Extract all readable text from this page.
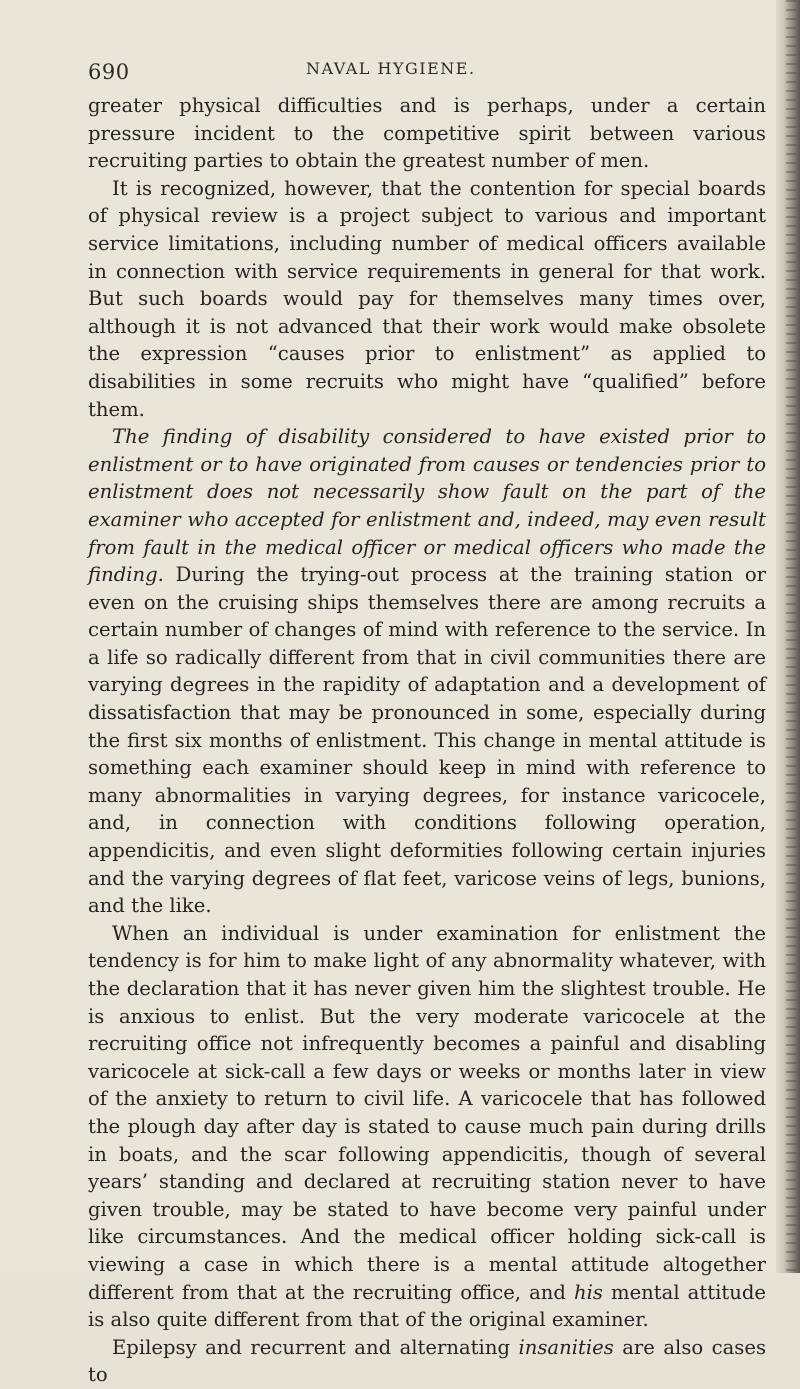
690	NAVAL HYGIENE.

greater physical difficulties and is perhaps, under a certain pressure incident to the competitive spirit between various recruiting parties to obtain the greatest number of men.

It is recognized, however, that the contention for special boards of physical review is a project subject to various and important service limitations, including number of medical officers available in connection with service requirements in general for that work. But such boards would pay for themselves many times over, although it is not advanced that their work would make obsolete the expression “causes prior to enlistment” as applied to disabilities in some recruits who might have “qualified” before them.

The finding of disability considered to have existed prior to enlistment or to have originated from causes or tendencies prior to enlistment does not necessarily show fault on the part of the examiner who accepted for enlistment and, indeed, may even result from fault in the medical officer or medical officers who made the finding. During the trying-out process at the training station or even on the cruising ships themselves there are among recruits a certain number of changes of mind with reference to the service. In a life so radically different from that in civil communities there are varying degrees in the rapidity of adaptation and a development of dissatisfaction that may be pronounced in some, especially during the first six months of enlistment. This change in mental attitude is something each examiner should keep in mind with reference to many abnormalities in varying degrees, for instance varicocele, and, in connection with conditions following operation, appendicitis, and even slight deformities following certain injuries and the varying degrees of flat feet, varicose veins of legs, bunions, and the like.

When an individual is under examination for enlistment the tendency is for him to make light of any abnormality whatever, with the declaration that it has never given him the slightest trouble. He is anxious to enlist. But the very moderate varicocele at the recruiting office not infrequently becomes a painful and disabling varicocele at sick-call a few days or weeks or months later in view of the anxiety to return to civil life. A varicocele that has followed the plough day after day is stated to cause much pain during drills in boats, and the scar following appendicitis, though of several years’ standing and declared at recruiting station never to have given trouble, may be stated to have become very painful under like circumstances. And the medical officer holding sick-call is viewing a case in which there is a mental attitude altogether different from that at the recruiting office, and his mental attitude is also quite different from that of the original examiner.

Epilepsy and recurrent and alternating insanities are also cases to
